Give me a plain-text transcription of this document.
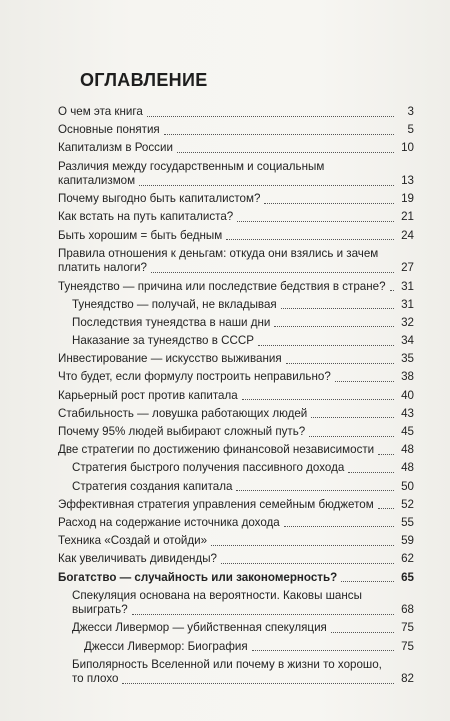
ОГЛАВЛЕНИЕ
О чем эта книга	3
Основные понятия	5
Капитализм в России	10
Различия между государственным и социальным
капитализмом	13
Почему выгодно быть капиталистом?	19
Как встать на путь капиталиста?	21
Быть хорошим = быть бедным	24
Правила отношения к деньгам: откуда они взялись и зачем
платить налоги?	27
Тунеядство — причина или последствие бедствия в стране? 31
Тунеядство — получай, не вкладывая	31
Последствия тунеядства в наши дни	32
Наказание за тунеядство в СССР	34
Инвестирование — искусство выживания	35
Что будет, если формулу построить неправильно?	38
Карьерный рост против капитала	40
Стабильность — ловушка работающих людей	43
Почему 95% людей выбирают сложный путь?	45
Две стратегии по достижению финансовой независимости 48
Стратегия быстрого получения пассивного дохода	48
Стратегия создания капитала	50
Эффективная стратегия управления семейным бюджетом 52
Расход на содержание источника дохода	55
Техника «Создай и отойди»	59
Как увеличивать дивиденды?	62
Богатство — случайность или закономерность?	65
Спекуляция основана на вероятности. Каковы шансы
выиграть?	68
Джесси Ливермор — убийственная спекуляция	75
Джесси Ливермор: Биография	75
Биполярность Вселенной или почему в жизни то хорошо,
то плохо	82
